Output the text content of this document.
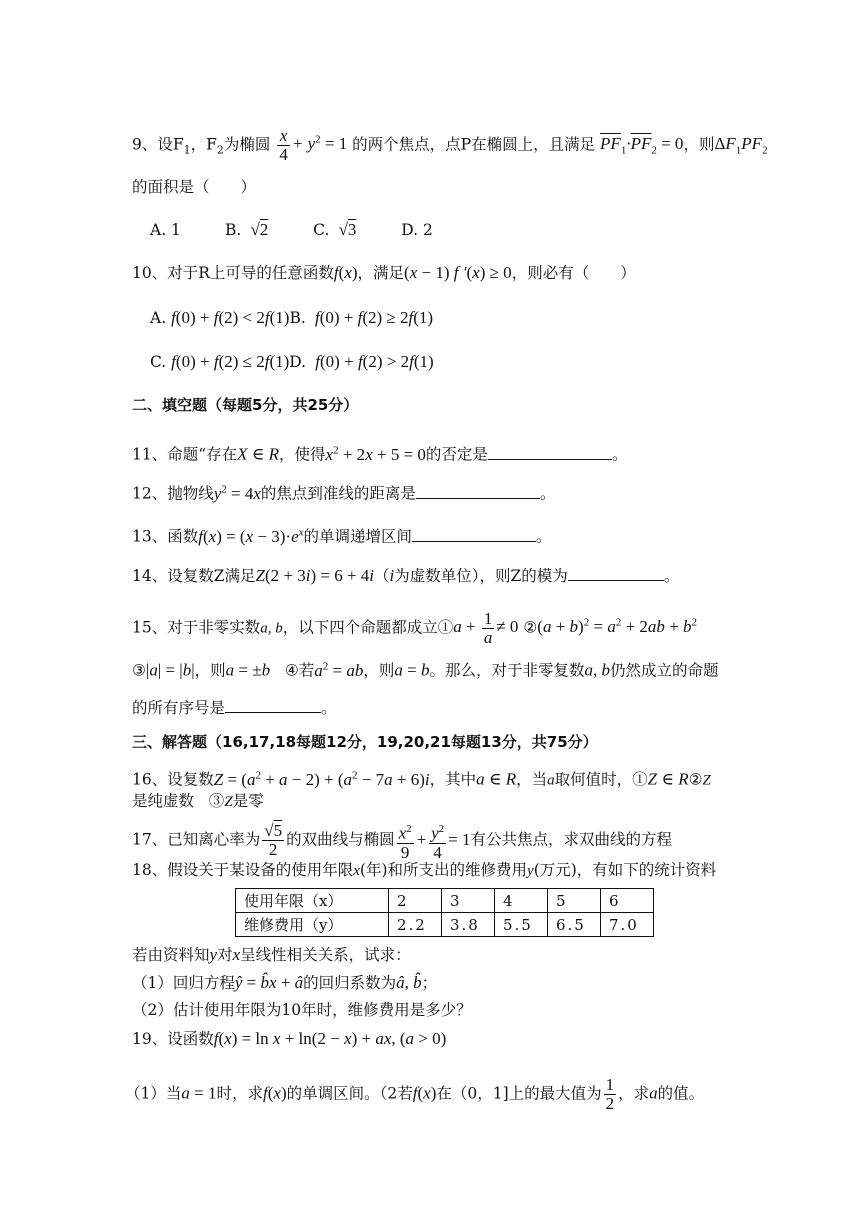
9、设$F_1$，$F_2$为椭圆 $\frac{x}{4} + y^2 = 1$ 的两个焦点，点P在椭圆上，且满足 $\overline{PF}_1\cdot\overline{PF}_2 = 0$，则$\Delta F_1PF_2$
的面积是（　　）
A. 1	B.  √2	C.  √3	D. 2
10、对于R上可导的任意函数f(x)，满足(x − 1) f ′(x) ≥ 0，则必有（　　）
A. f(0) + f(2) < 2f(1)B.  f(0) + f(2) ≥ 2f(1)
C. f(0) + f(2) ≤ 2f(1)D.  f(0) + f(2) > 2f(1)
二、填空题（每题5分，共25分）
11、命题“存在X ∈ R，使得$x^2 + 2x + 5 = 0$的否定是	。
12、抛物线$y^2 = 4x$的焦点到准线的距离是	。
13、函数$f(x) = (x - 3)\cdot e^x$的单调递增区间	。
14、设复数Z满足Z(2 + 3i) = 6 + 4i（i为虚数单位），则Z的模为	。
15、对于非零实数a, b，以下四个命题都成立①a + $\frac{1}{a} \ne 0$ ②(a + $b)^2 = a^2 + 2ab + b^2$
③|a| = |b|，则a = ±b ④若$a^2$ = ab，则a = b。那么，对于非零复数a, b仍然成立的命题
的所有序号是	。
三、解答题（16,17,18每题12分，19,20,21每题13分，共75分）
16、设复数$Z = (a^2 + a - 2) + (a^2 - 7a + 6)i$，其中a ∈ R，当a取何值时，①Z ∈ R②Z
是纯虚数 ③Z是零
17、已知离心率为 $\frac{√5}{2}$ 的双曲线与椭圆 $\frac{x^2}{9} + \frac{y^2}{4} = 1$有公共焦点，求双曲线的方程
18、假设关于某设备的使用年限x(年)和所支出的维修费用y(万元)，有如下的统计资料
使用年限（x）	2	3	4	5	6
维修费用（y）	2.2	3.8	5.5	6.5	7.0
若由资料知y对x呈线性相关关系，试求：
（1）回归方程ŷ = b̂x + â的回归系数为â, b̂；
（2）估计使用年限为10年时，维修费用是多少？
19、设函数f(x) = ln x + ln(2 − x) + ax, (a > 0)
（1）当a = 1时，求f(x)的单调区间。（2若f(x)在（0，1]上的最大值为 $\frac{1}{2}$ ，求a的值。
